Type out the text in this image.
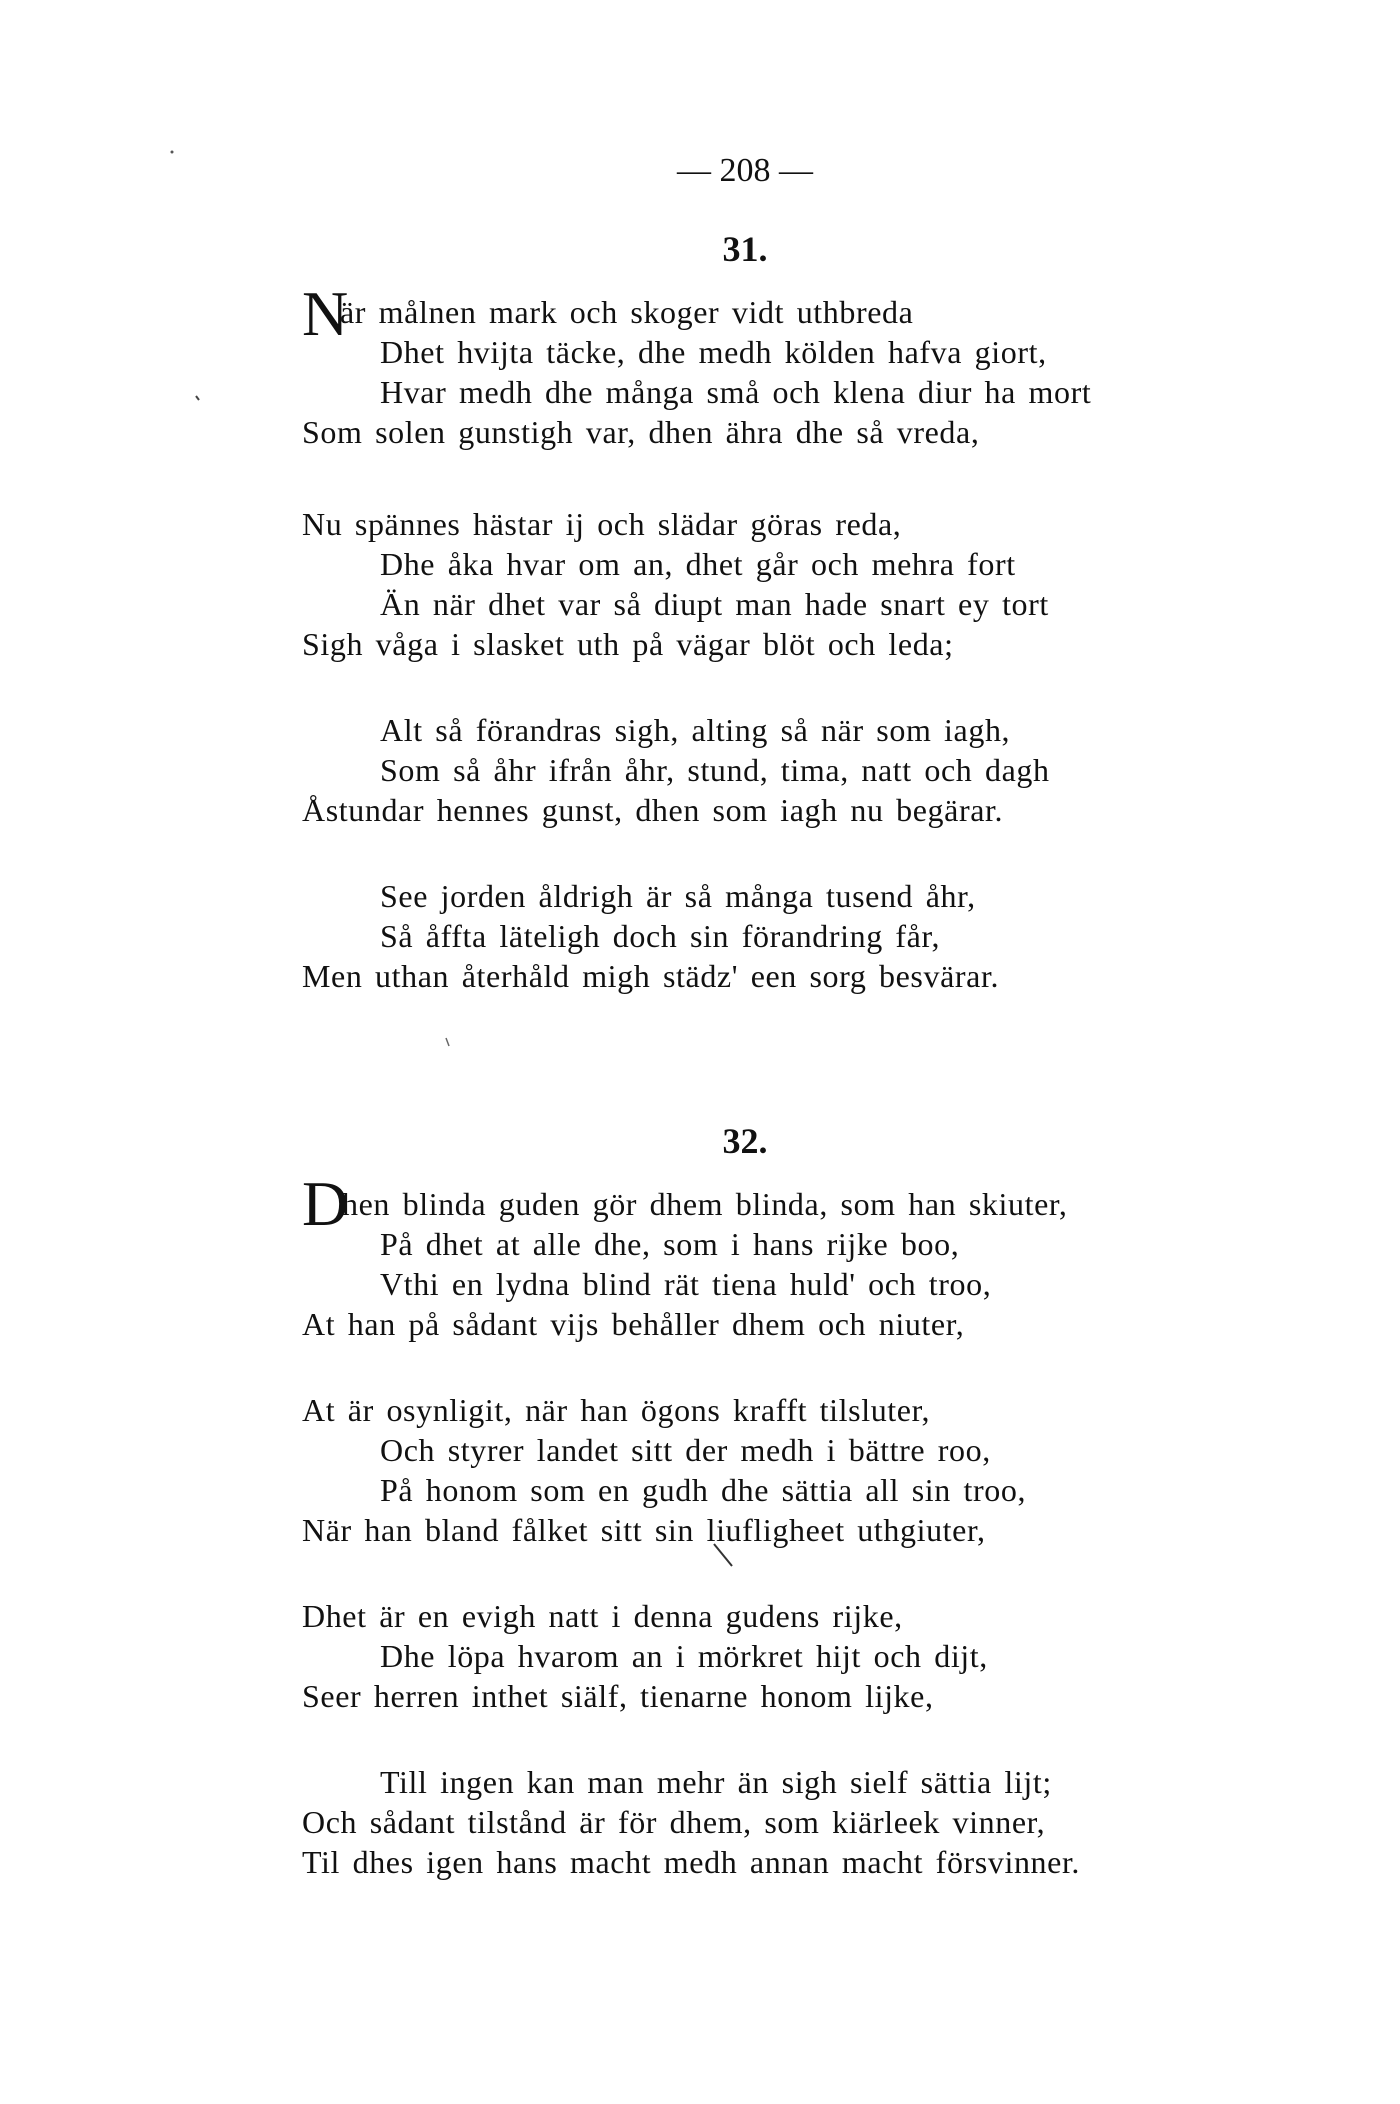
— 208 —
31.
N
är målnen mark och skoger vidt uthbreda
Dhet hvijta täcke, dhe medh kölden hafva giort,
Hvar medh dhe många små och klena diur ha mort
Som solen gunstigh var, dhen ähra dhe så vreda,
Nu spännes hästar ij och slädar göras reda,
Dhe åka hvar om an, dhet går och mehra fort
Än när dhet var så diupt man hade snart ey tort
Sigh våga i slasket uth på vägar blöt och leda;
Alt så förandras sigh, alting så när som iagh,
Som så åhr ifrån åhr, stund, tima, natt och dagh
Åstundar hennes gunst, dhen som iagh nu begärar.
See jorden åldrigh är så många tusend åhr,
Så åffta läteligh doch sin förandring får,
Men uthan återhåld migh städz' een sorg besvärar.
32.
D
hen blinda guden gör dhem blinda, som han skiuter,
På dhet at alle dhe, som i hans rijke boo,
Vthi en lydna blind rät tiena huld' och troo,
At han på sådant vijs behåller dhem och niuter,
At är osynligit, när han ögons krafft tilsluter,
Och styrer landet sitt der medh i bättre roo,
På honom som en gudh dhe sättia all sin troo,
När han bland fålket sitt sin liufligheet uthgiuter,
Dhet är en evigh natt i denna gudens rijke,
Dhe löpa hvarom an i mörkret hijt och dijt,
Seer herren inthet siälf, tienarne honom lijke,
Till ingen kan man mehr än sigh sielf sättia lijt;
Och sådant tilstånd är för dhem, som kiärleek vinner,
Til dhes igen hans macht medh annan macht försvinner.
